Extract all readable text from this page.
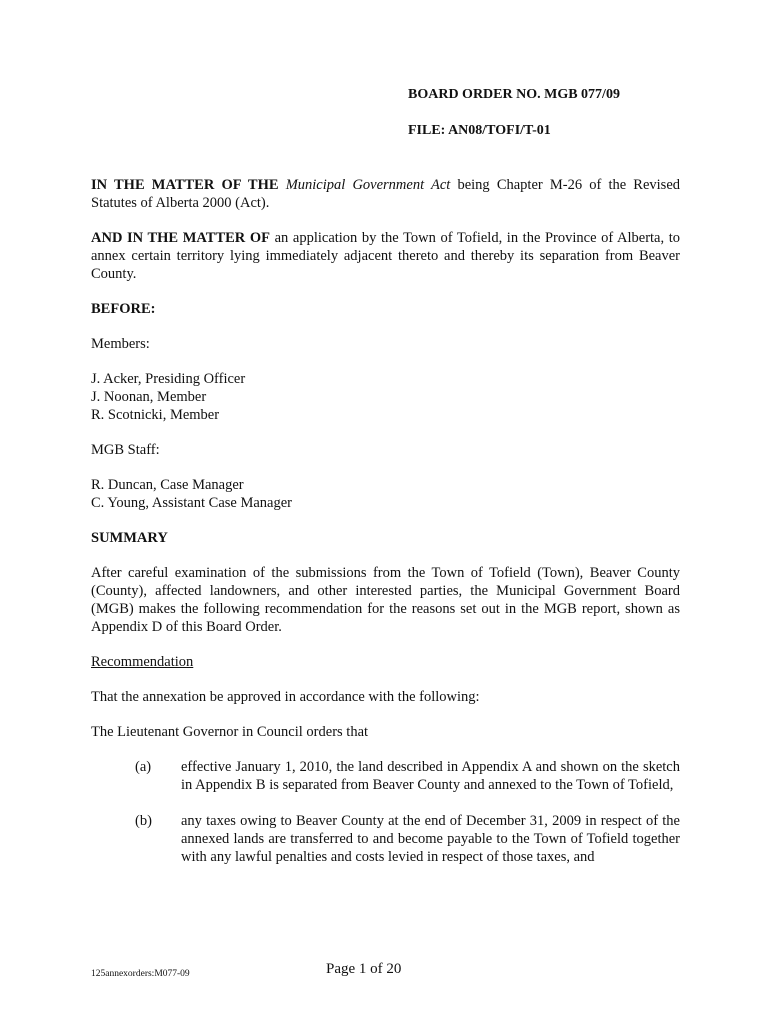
BOARD ORDER NO. MGB 077/09
FILE: AN08/TOFI/T-01

IN THE MATTER OF THE Municipal Government Act being Chapter M-26 of the Revised Statutes of Alberta 2000 (Act).

AND IN THE MATTER OF an application by the Town of Tofield, in the Province of Alberta, to annex certain territory lying immediately adjacent thereto and thereby its separation from Beaver County.

BEFORE:

Members:

J. Acker, Presiding Officer
J. Noonan, Member
R. Scotnicki, Member

MGB Staff:

R. Duncan, Case Manager
C. Young, Assistant Case Manager

SUMMARY

After careful examination of the submissions from the Town of Tofield (Town), Beaver County (County), affected landowners, and other interested parties, the Municipal Government Board (MGB) makes the following recommendation for the reasons set out in the MGB report, shown as Appendix D of this Board Order.

Recommendation

That the annexation be approved in accordance with the following:

The Lieutenant Governor in Council orders that

(a) effective January 1, 2010, the land described in Appendix A and shown on the sketch in Appendix B is separated from Beaver County and annexed to the Town of Tofield,

(b) any taxes owing to Beaver County at the end of December 31, 2009 in respect of the annexed lands are transferred to and become payable to the Town of Tofield together with any lawful penalties and costs levied in respect of those taxes, and

125annexorders:M077-09	Page 1 of 20
